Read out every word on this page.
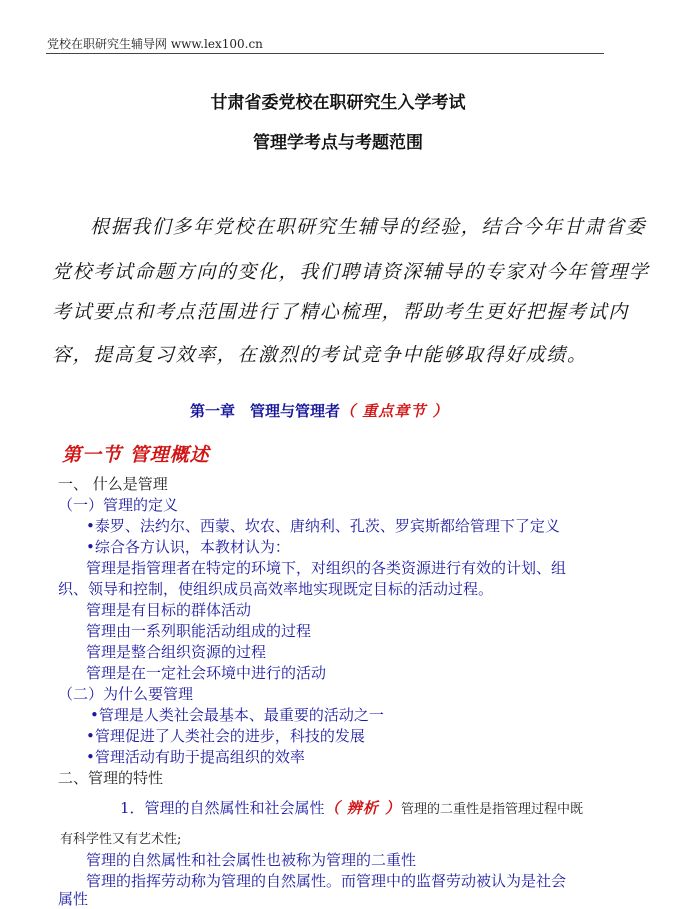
党校在职研究生辅导网 www.lex100.cn
甘肃省委党校在职研究生入学考试
管理学考点与考题范围
根据我们多年党校在职研究生辅导的经验，结合今年甘肃省委
党校考试命题方向的变化，我们聘请资深辅导的专家对今年管理学
考试要点和考点范围进行了精心梳理，帮助考生更好把握考试内
容，提高复习效率，在激烈的考试竞争中能够取得好成绩。
第一章　管理与管理者（ 重点章节 ）
第一节 管理概述
一、 什么是管理
（一）管理的定义
•泰罗、法约尔、西蒙、坎农、唐纳利、孔茨、罗宾斯都给管理下了定义
•综合各方认识，本教材认为：
管理是指管理者在特定的环境下，对组织的各类资源进行有效的计划、组
织、领导和控制，使组织成员高效率地实现既定目标的活动过程。
管理是有目标的群体活动
管理由一系列职能活动组成的过程
管理是整合组织资源的过程
管理是在一定社会环境中进行的活动
（二）为什么要管理
•管理是人类社会最基本、最重要的活动之一
•管理促进了人类社会的进步，科技的发展
•管理活动有助于提高组织的效率
二、管理的特性
1．管理的自然属性和社会属性（ 辨析 ）管理的二重性是指管理过程中既
有科学性又有艺术性;
管理的自然属性和社会属性也被称为管理的二重性
管理的指挥劳动称为管理的自然属性。而管理中的监督劳动被认为是社会
属性
